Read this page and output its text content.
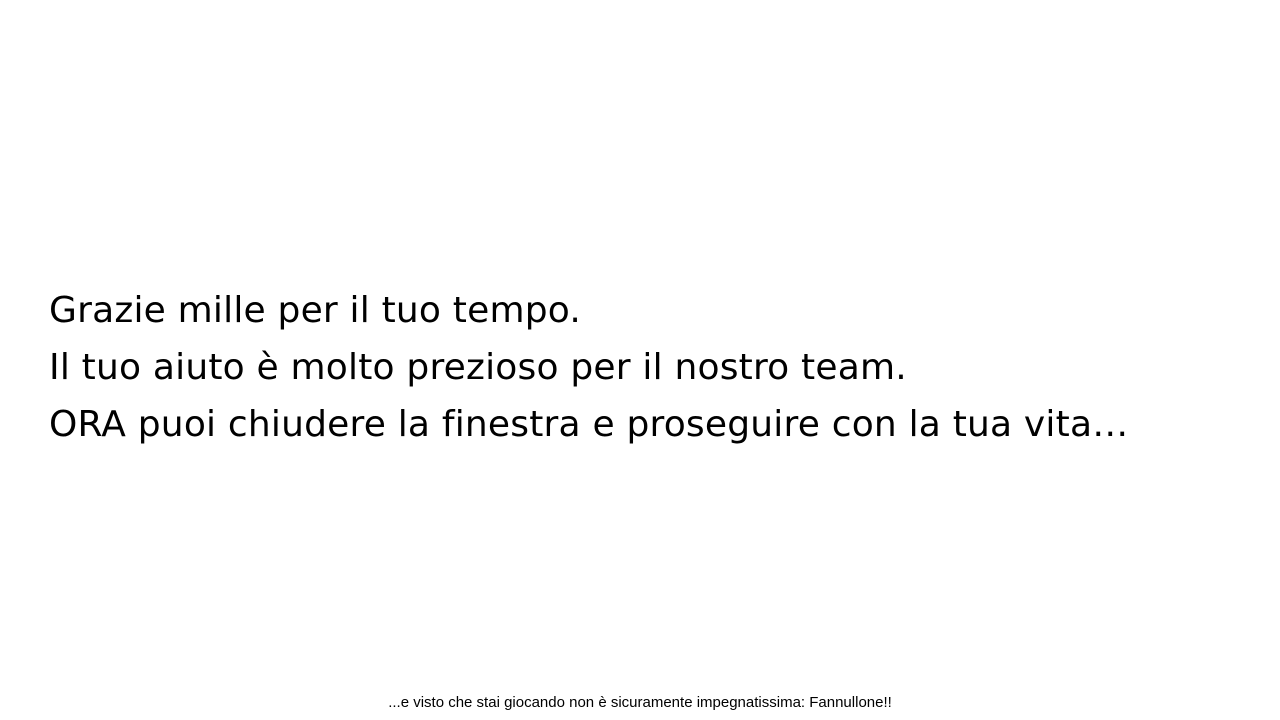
Grazie mille per il tuo tempo.
Il tuo aiuto è molto prezioso per il nostro team.
ORA puoi chiudere la finestra e proseguire con la tua vita…
...e visto che stai giocando non è sicuramente impegnatissima: Fannullone!!
